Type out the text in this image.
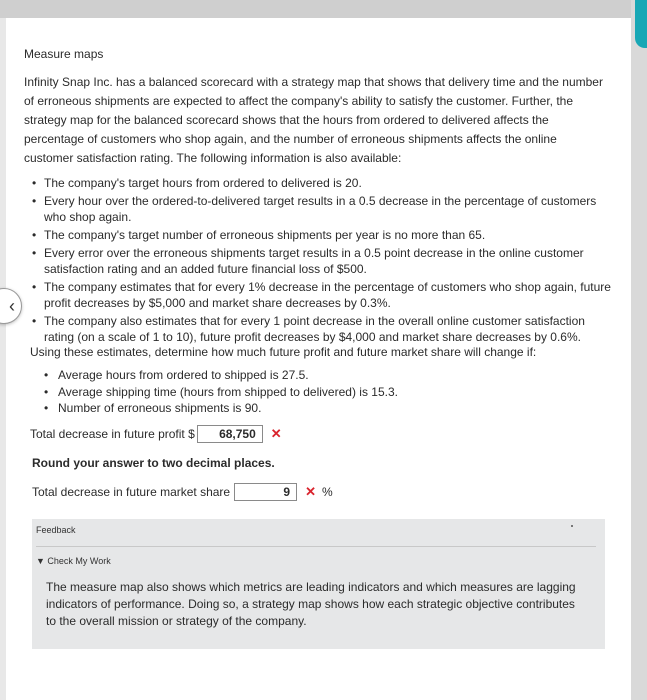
‹
Measure maps
Infinity Snap Inc. has a balanced scorecard with a strategy map that shows that delivery time and the number of erroneous shipments are expected to affect the company's ability to satisfy the customer. Further, the strategy map for the balanced scorecard shows that the hours from ordered to delivered affects the percentage of customers who shop again, and the number of erroneous shipments affects the online customer satisfaction rating. The following information is also available:
• The company's target hours from ordered to delivered is 20.
• Every hour over the ordered-to-delivered target results in a 0.5 decrease in the percentage of customers who shop again.
• The company's target number of erroneous shipments per year is no more than 65.
• Every error over the erroneous shipments target results in a 0.5 point decrease in the online customer satisfaction rating and an added future financial loss of $500.
• The company estimates that for every 1% decrease in the percentage of customers who shop again, future profit decreases by $5,000 and market share decreases by 0.3%.
• The company also estimates that for every 1 point decrease in the overall online customer satisfaction rating (on a scale of 1 to 10), future profit decreases by $4,000 and market share decreases by 0.6%.
Using these estimates, determine how much future profit and future market share will change if:
• Average hours from ordered to shipped is 27.5.
• Average shipping time (hours from shipped to delivered) is 15.3.
• Number of erroneous shipments is 90.
Total decrease in future profit $	68,750	✕
Round your answer to two decimal places.
Total decrease in future market share	9	✕ %
Feedback
▼ Check My Work
The measure map also shows which metrics are leading indicators and which measures are lagging indicators of performance. Doing so, a strategy map shows how each strategic objective contributes to the overall mission or strategy of the company.
